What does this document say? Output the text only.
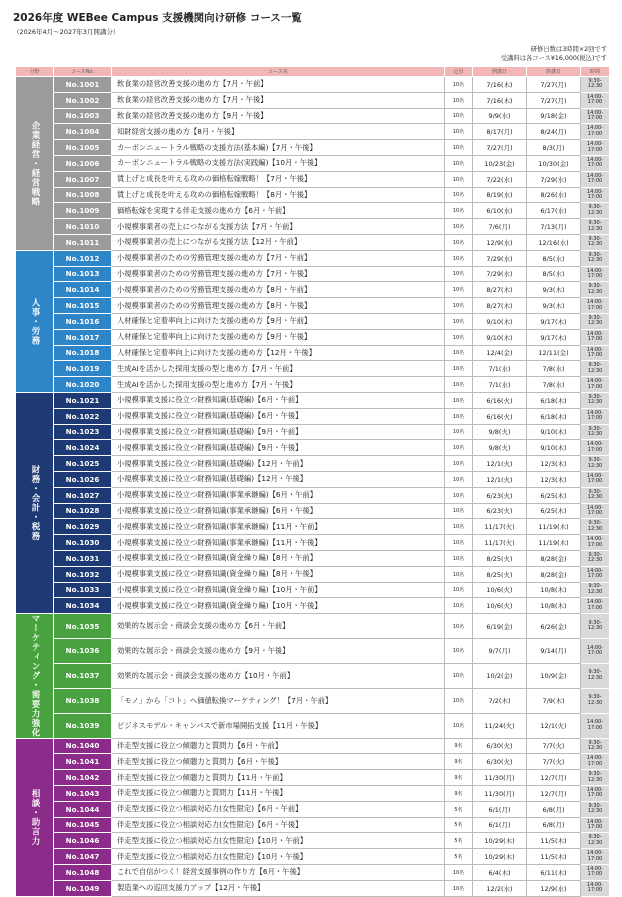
2026年度 WEBee Campus 支援機関向け研修 コース一覧
（2026年4月～2027年3月開講分）
研修日数は3時間×2回です
受講料は各コース¥16,000(税込)です
分野	コースNo.	コース名	定員	開講日	終講日	時間

企業経営・経営戦略	No.1001	飲食業の経営改善支援の進め方【7月・午前】	10名	7/16(木)	7/27(月)	9:30-
12:30

	No.1002	飲食業の経営改善支援の進め方【7月・午後】	10名	7/16(木)	7/27(月)	14:00-
17:00

	No.1003	飲食業の経営改善支援の進め方【9月・午後】	10名	9/9(水)	9/18(金)	14:00-
17:00

	No.1004	知財経営支援の進め方【8月・午後】	10名	8/17(月)	8/24(月)	14:00-
17:00

	No.1005	カーボンニュートラル戦略の支援方法(基本編)【7月・午後】	10名	7/27(月)	8/3(月)	14:00-
17:00

	No.1006	カーボンニュートラル戦略の支援方法(実践編)【10月・午後】	10名	10/23(金)	10/30(金)	14:00-
17:00

	No.1007	賃上げと成長を叶える攻めの価格転嫁戦略！【7月・午後】	10名	7/22(水)	7/29(水)	14:00-
17:00

	No.1008	賃上げと成長を叶える攻めの価格転嫁戦略！【8月・午後】	10名	8/19(水)	8/26(水)	14:00-
17:00

	No.1009	価格転嫁を実現する伴走支援の進め方【6月・午前】	10名	6/10(水)	6/17(水)	9:30-
12:30

	No.1010	小規模事業者の売上につながる支援方法【7月・午前】	10名	7/6(月)	7/13(月)	9:30-
12:30

	No.1011	小規模事業者の売上につながる支援方法【12月・午前】	10名	12/9(水)	12/16(水)	9:30-
12:30

人事・労務	No.1012	小規模事業者のための労務管理支援の進め方【7月・午前】	10名	7/29(水)	8/5(水)	9:30-
12:30

	No.1013	小規模事業者のための労務管理支援の進め方【7月・午後】	10名	7/29(水)	8/5(水)	14:00-
17:00

	No.1014	小規模事業者のための労務管理支援の進め方【8月・午前】	10名	8/27(木)	9/3(木)	9:30-
12:30

	No.1015	小規模事業者のための労務管理支援の進め方【8月・午後】	10名	8/27(木)	9/3(木)	14:00-
17:00

	No.1016	人材確保と定着率向上に向けた支援の進め方【9月・午前】	10名	9/10(木)	9/17(木)	9:30-
12:30

	No.1017	人材確保と定着率向上に向けた支援の進め方【9月・午後】	10名	9/10(木)	9/17(木)	14:00-
17:00

	No.1018	人材確保と定着率向上に向けた支援の進め方【12月・午後】	10名	12/4(金)	12/11(金)	14:00-
17:00

	No.1019	生成AIを活かした採用支援の型と進め方【7月・午前】	10名	7/1(水)	7/8(水)	9:30-
12:30

	No.1020	生成AIを活かした採用支援の型と進め方【7月・午後】	10名	7/1(水)	7/8(水)	14:00-
17:00

財務・会計・税務	No.1021	小規模事業支援に役立つ財務知識(基礎編)【6月・午前】	10名	6/16(火)	6/18(木)	9:30-
12:30

	No.1022	小規模事業支援に役立つ財務知識(基礎編)【6月・午後】	10名	6/16(火)	6/18(木)	14:00-
17:00

	No.1023	小規模事業支援に役立つ財務知識(基礎編)【9月・午前】	10名	9/8(火)	9/10(木)	9:30-
12:30

	No.1024	小規模事業支援に役立つ財務知識(基礎編)【9月・午後】	10名	9/8(火)	9/10(木)	14:00-
17:00

	No.1025	小規模事業支援に役立つ財務知識(基礎編)【12月・午前】	10名	12/1(火)	12/3(木)	9:30-
12:30

	No.1026	小規模事業支援に役立つ財務知識(基礎編)【12月・午後】	10名	12/1(火)	12/3(木)	14:00-
17:00

	No.1027	小規模事業支援に役立つ財務知識(事業承継編)【6月・午前】	10名	6/23(火)	6/25(木)	9:30-
12:30

	No.1028	小規模事業支援に役立つ財務知識(事業承継編)【6月・午後】	10名	6/23(火)	6/25(木)	14:00-
17:00

	No.1029	小規模事業支援に役立つ財務知識(事業承継編)【11月・午前】	10名	11/17(火)	11/19(木)	9:30-
12:30

	No.1030	小規模事業支援に役立つ財務知識(事業承継編)【11月・午後】	10名	11/17(火)	11/19(木)	14:00-
17:00

	No.1031	小規模事業支援に役立つ財務知識(資金繰り編)【8月・午前】	10名	8/25(火)	8/28(金)	9:30-
12:30

	No.1032	小規模事業支援に役立つ財務知識(資金繰り編)【8月・午後】	10名	8/25(火)	8/28(金)	14:00-
17:00

	No.1033	小規模事業支援に役立つ財務知識(資金繰り編)【10月・午前】	10名	10/6(火)	10/8(木)	9:30-
12:30

	No.1034	小規模事業支援に役立つ財務知識(資金繰り編)【10月・午後】	10名	10/6(火)	10/8(木)	14:00-
17:00

マーケティング・需要力強化	No.1035	効果的な展示会・商談会支援の進め方【6月・午前】	10名	6/19(金)	6/26(金)	9:30-
12:30

	No.1036	効果的な展示会・商談会支援の進め方【9月・午後】	10名	9/7(月)	9/14(月)	14:00-
17:00

	No.1037	効果的な展示会・商談会支援の進め方【10月・午前】	10名	10/2(金)	10/9(金)	9:30-
12:30

	No.1038	「モノ」から「コト」へ価値転換マーケティング！【7月・午前】	10名	7/2(木)	7/9(木)	9:30-
12:30

	No.1039	ビジネスモデル・キャンバスで新市場開拓支援【11月・午後】	10名	11/24(火)	12/1(火)	14:00-
17:00

相談・助言力	No.1040	伴走型支援に役立つ傾聴力と質問力【6月・午前】	9名	6/30(火)	7/7(火)	9:30-
12:30

	No.1041	伴走型支援に役立つ傾聴力と質問力【6月・午後】	9名	6/30(火)	7/7(火)	14:00-
17:00

	No.1042	伴走型支援に役立つ傾聴力と質問力【11月・午前】	9名	11/30(月)	12/7(月)	9:30-
12:30

	No.1043	伴走型支援に役立つ傾聴力と質問力【11月・午後】	9名	11/30(月)	12/7(月)	14:00-
17:00

	No.1044	伴走型支援に役立つ相談対応力(女性限定)【6月・午前】	5名	6/1(月)	6/8(月)	9:30-
12:30

	No.1045	伴走型支援に役立つ相談対応力(女性限定)【6月・午後】	5名	6/1(月)	6/8(月)	14:00-
17:00

	No.1046	伴走型支援に役立つ相談対応力(女性限定)【10月・午前】	5名	10/29(木)	11/5(木)	9:30-
12:30

	No.1047	伴走型支援に役立つ相談対応力(女性限定)【10月・午後】	5名	10/29(木)	11/5(木)	14:00-
17:00

	No.1048	これで自信がつく！経営支援事例の作り方【6月・午後】	10名	6/4(木)	6/11(木)	14:00-
17:00

	No.1049	製造業への巡回支援力アップ【12月・午後】	10名	12/2(水)	12/9(水)	14:00-
17:00
